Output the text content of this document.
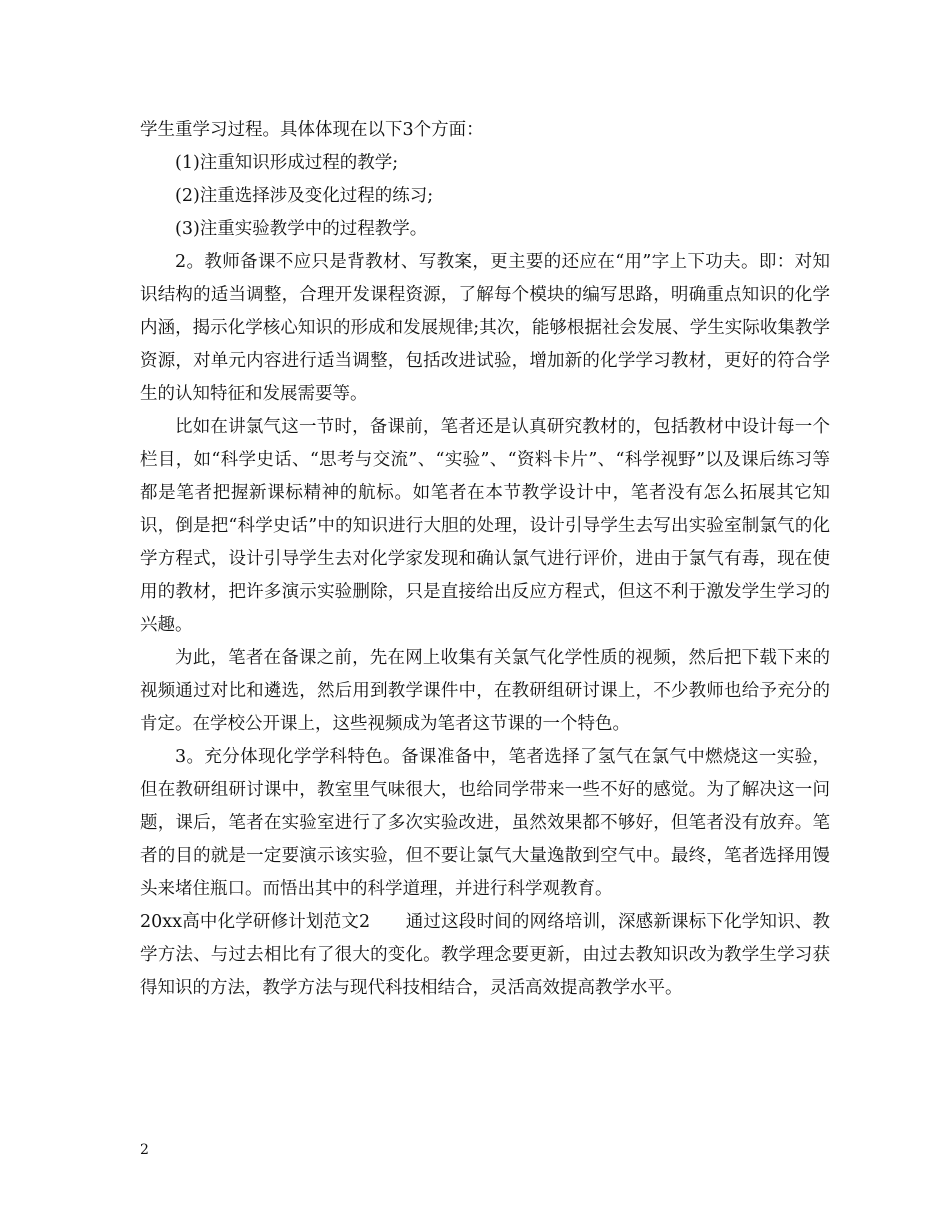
学生重学习过程。具体体现在以下3个方面：

(1)注重知识形成过程的教学;

(2)注重选择涉及变化过程的练习;

(3)注重实验教学中的过程教学。

2。教师备课不应只是背教材、写教案，更主要的还应在“用”字上下功夫。即：对知识结构的适当调整，合理开发课程资源，了解每个模块的编写思路，明确重点知识的化学内涵，揭示化学核心知识的形成和发展规律;其次，能够根据社会发展、学生实际收集教学资源，对单元内容进行适当调整，包括改进试验，增加新的化学学习教材，更好的符合学生的认知特征和发展需要等。

比如在讲氯气这一节时，备课前，笔者还是认真研究教材的，包括教材中设计每一个栏目，如“科学史话、“思考与交流”、“实验”、“资料卡片”、“科学视野”以及课后练习等都是笔者把握新课标精神的航标。如笔者在本节教学设计中，笔者没有怎么拓展其它知识，倒是把“科学史话”中的知识进行大胆的处理，设计引导学生去写出实验室制氯气的化学方程式，设计引导学生去对化学家发现和确认氯气进行评价，进由于氯气有毒，现在使用的教材，把许多演示实验删除，只是直接给出反应方程式，但这不利于激发学生学习的兴趣。

为此，笔者在备课之前，先在网上收集有关氯气化学性质的视频，然后把下载下来的视频通过对比和遴选，然后用到教学课件中，在教研组研讨课上，不少教师也给予充分的肯定。在学校公开课上，这些视频成为笔者这节课的一个特色。

3。充分体现化学学科特色。备课准备中，笔者选择了氢气在氯气中燃烧这一实验，但在教研组研讨课中，教室里气味很大，也给同学带来一些不好的感觉。为了解决这一问题，课后，笔者在实验室进行了多次实验改进，虽然效果都不够好，但笔者没有放弃。笔者的目的就是一定要演示该实验，但不要让氯气大量逸散到空气中。最终，笔者选择用馒头来堵住瓶口。而悟出其中的科学道理，并进行科学观教育。

20xx高中化学研修计划范文2　　通过这段时间的网络培训，深感新课标下化学知识、教学方法、与过去相比有了很大的变化。教学理念要更新，由过去教知识改为教学生学习获得知识的方法，教学方法与现代科技相结合，灵活高效提高教学水平。

2
